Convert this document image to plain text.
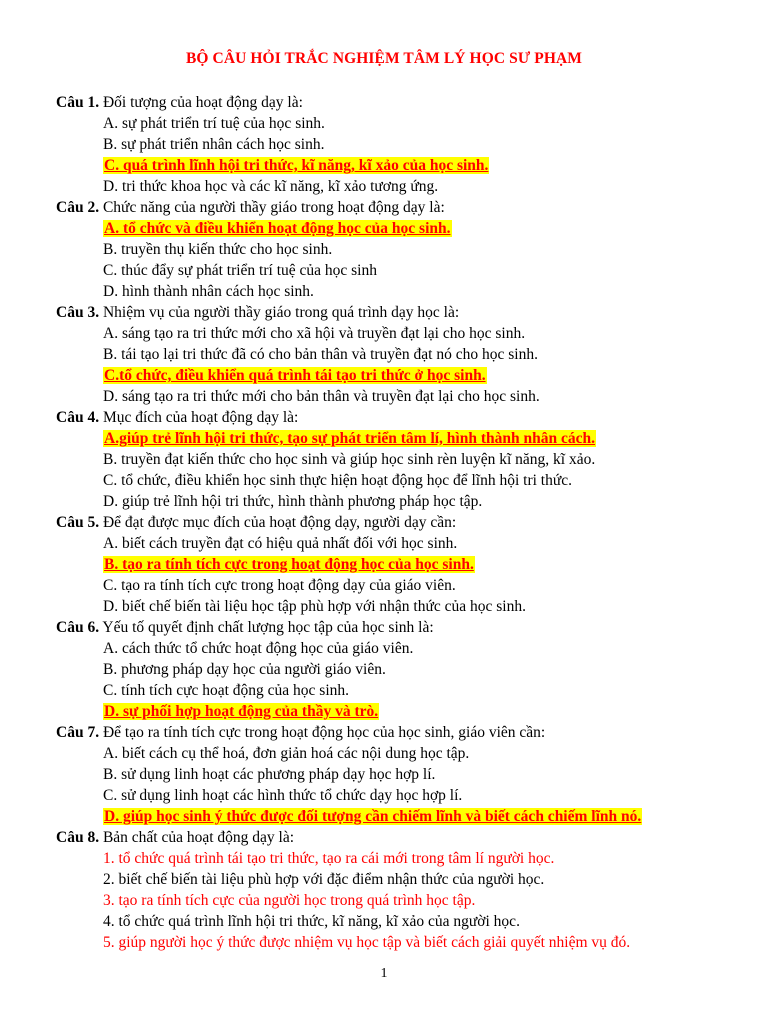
BỘ CÂU HỎI TRẮC NGHIỆM TÂM LÝ HỌC SƯ PHẠM
Câu 1. Đối tượng của hoạt động dạy là:
A. sự phát triển trí tuệ của học sinh.
B. sự phát triển nhân cách học sinh.
C. quá trình lĩnh hội tri thức, kĩ năng, kĩ xảo của học sinh.
D. tri thức khoa học và các kĩ năng, kĩ xảo tương ứng.
Câu 2. Chức năng của người thầy giáo trong hoạt động dạy là:
A. tổ chức và điều khiển hoạt động học của học sinh.
B. truyền thụ kiến thức cho học sinh.
C. thúc đẩy sự phát triển trí tuệ của học sinh
D. hình thành nhân cách học sinh.
Câu 3. Nhiệm vụ của người thầy giáo trong quá trình dạy học là:
A. sáng tạo ra tri thức mới cho xã hội và truyền đạt lại cho học sinh.
B. tái tạo lại tri thức đã có cho bản thân và truyền đạt nó cho học sinh.
C.tổ chức, điều khiển quá trình tái tạo tri thức ở học sinh.
D. sáng tạo ra tri thức mới cho bản thân và truyền đạt lại cho học sinh.
Câu 4. Mục đích của hoạt động dạy là:
A.giúp trẻ lĩnh hội tri thức, tạo sự phát triển tâm lí, hình thành nhân cách.
B. truyền đạt kiến thức cho học sinh và giúp học sinh rèn luyện kĩ năng, kĩ xảo.
C. tổ chức, điều khiển học sinh thực hiện hoạt động học để lĩnh hội tri thức.
D. giúp trẻ lĩnh hội tri thức, hình thành phương pháp học tập.
Câu 5. Để đạt được mục đích của hoạt động dạy, người dạy cần:
A. biết cách truyền đạt có hiệu quả nhất đối với học sinh.
B. tạo ra tính tích cực trong hoạt động học của học sinh.
C. tạo ra tính tích cực trong hoạt động dạy của giáo viên.
D. biết chế biến tài liệu học tập phù hợp với nhận thức của học sinh.
Câu 6. Yếu tố quyết định chất lượng học tập của học sinh là:
A. cách thức tổ chức hoạt động học của giáo viên.
B. phương pháp dạy học của người giáo viên.
C. tính tích cực hoạt động của học sinh.
D. sự phối hợp hoạt động của thầy và trò.
Câu 7. Để tạo ra tính tích cực trong hoạt động học của học sinh, giáo viên cần:
A. biết cách cụ thể hoá, đơn giản hoá các nội dung học tập.
B. sử dụng linh hoạt các phương pháp dạy học hợp lí.
C. sử dụng linh hoạt các hình thức tổ chức dạy học hợp lí.
D. giúp học sinh ý thức được đối tượng cần chiếm lĩnh và biết cách chiếm lĩnh nó.
Câu 8. Bản chất của hoạt động dạy là:
1. tổ chức quá trình tái tạo tri thức, tạo ra cái mới trong tâm lí người học.
2. biết chế biến tài liệu phù hợp với đặc điểm nhận thức của người học.
3. tạo ra tính tích cực của người học trong quá trình học tập.
4. tổ chức quá trình lĩnh hội tri thức, kĩ năng, kĩ xảo của người học.
5. giúp người học ý thức được nhiệm vụ học tập và biết cách giải quyết nhiệm vụ đó.
1
